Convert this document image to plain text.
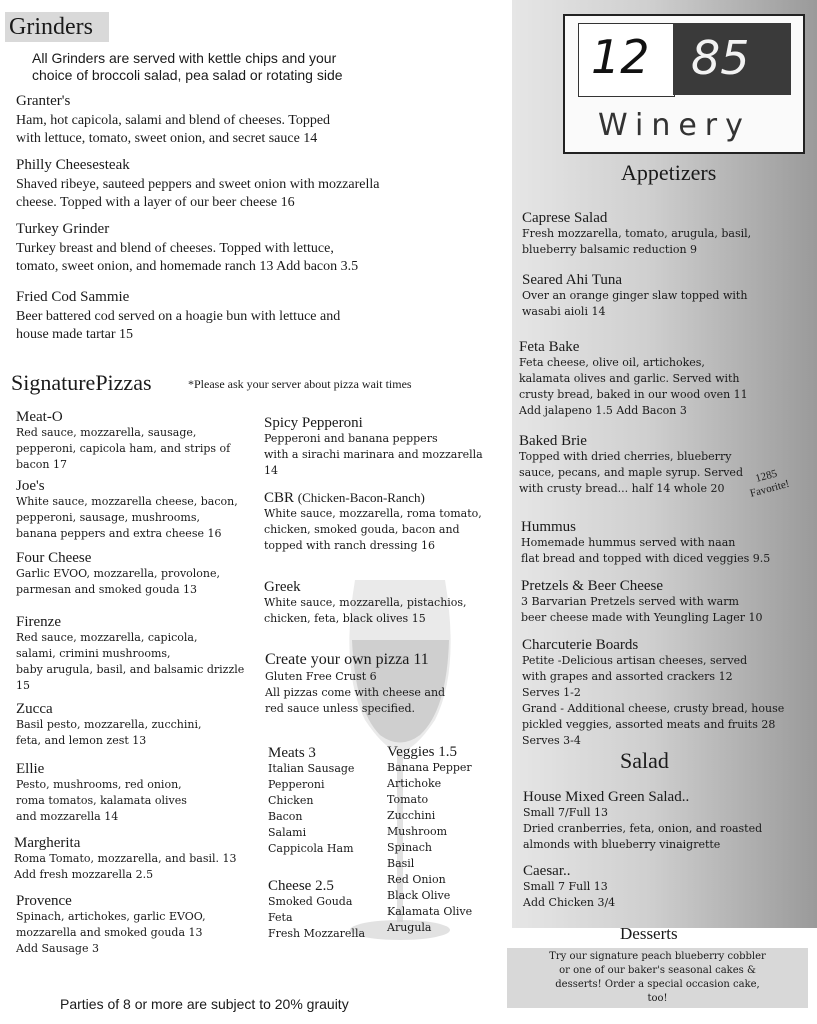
Grinders
All Grinders are served with kettle chips and your
choice of broccoli salad, pea salad or rotating side
Granter's
Ham, hot capicola, salami and blend of cheeses. Topped
with lettuce, tomato, sweet onion, and secret sauce 14
Philly Cheesesteak
Shaved ribeye, sauteed peppers and sweet onion with mozzarella
cheese. Topped with a layer of our beer cheese 16
Turkey Grinder
Turkey breast and blend of cheeses. Topped with lettuce,
tomato, sweet onion, and homemade ranch 13 Add bacon 3.5
Fried Cod Sammie
Beer battered cod served on a hoagie bun with lettuce and
house made tartar 15
SignaturePizzas	*Please ask your server about pizza wait times
Meat-O
Red sauce, mozzarella, sausage,
pepperoni, capicola ham, and strips of
bacon 17
Joe's
White sauce, mozzarella cheese, bacon,
pepperoni, sausage, mushrooms,
banana peppers and extra cheese 16
Four Cheese
Garlic EVOO, mozzarella, provolone,
parmesan and smoked gouda 13
Firenze
Red sauce, mozzarella, capicola,
salami, crimini mushrooms,
baby arugula, basil, and balsamic drizzle
15
Zucca
Basil pesto, mozzarella, zucchini,
feta, and lemon zest 13
Ellie
Pesto, mushrooms, red onion,
roma tomatos, kalamata olives
and mozzarella 14
Margherita
Roma Tomato, mozzarella, and basil. 13
Add fresh mozzarella 2.5
Provence
Spinach, artichokes, garlic EVOO,
mozzarella and smoked gouda 13
Add Sausage 3
Spicy Pepperoni
Pepperoni and banana peppers
with a sirachi marinara and mozzarella
14
CBR (Chicken-Bacon-Ranch)
White sauce, mozzarella, roma tomato,
chicken, smoked gouda, bacon and
topped with ranch dressing 16
Greek
White sauce, mozzarella, pistachios,
chicken, feta, black olives 15
Create your own pizza 11
Gluten Free Crust 6
All pizzas come with cheese and
red sauce unless specified.
Meats 3
Italian Sausage
Pepperoni
Chicken
Bacon
Salami
Cappicola Ham
Cheese 2.5
Smoked Gouda
Feta
Fresh Mozzarella
Veggies 1.5
Banana Pepper
Artichoke
Tomato
Zucchini
Mushroom
Spinach
Basil
Red Onion
Black Olive
Kalamata Olive
Arugula
Parties of 8 or more are subject to 20% grauity
12 85
Winery
Appetizers
Caprese Salad
Fresh mozzarella, tomato, arugula, basil,
blueberry balsamic reduction 9
Seared Ahi Tuna
Over an orange ginger slaw topped with
wasabi aioli 14
Feta Bake
Feta cheese, olive oil, artichokes,
kalamata olives and garlic. Served with
crusty bread, baked in our wood oven 11
Add jalapeno 1.5 Add Bacon 3
Baked Brie
Topped with dried cherries, blueberry
sauce, pecans, and maple syrup. Served
with crusty bread... half 14 whole 20
1285
Favorite!
Hummus
Homemade hummus served with naan
flat bread and topped with diced veggies 9.5
Pretzels & Beer Cheese
3 Barvarian Pretzels served with warm
beer cheese made with Yeungling Lager 10
Charcuterie Boards
Petite -Delicious artisan cheeses, served
with grapes and assorted crackers 12
Serves 1-2
Grand - Additional cheese, crusty bread, house
pickled veggies, assorted meats and fruits 28
Serves 3-4
Salad
House Mixed Green Salad..
Small 7/Full 13
Dried cranberries, feta, onion, and roasted
almonds with blueberry vinaigrette
Caesar..
Small 7 Full 13
Add Chicken 3/4
Desserts
Try our signature peach blueberry cobbler
or one of our baker's seasonal cakes &
desserts! Order a special occasion cake,
too!
